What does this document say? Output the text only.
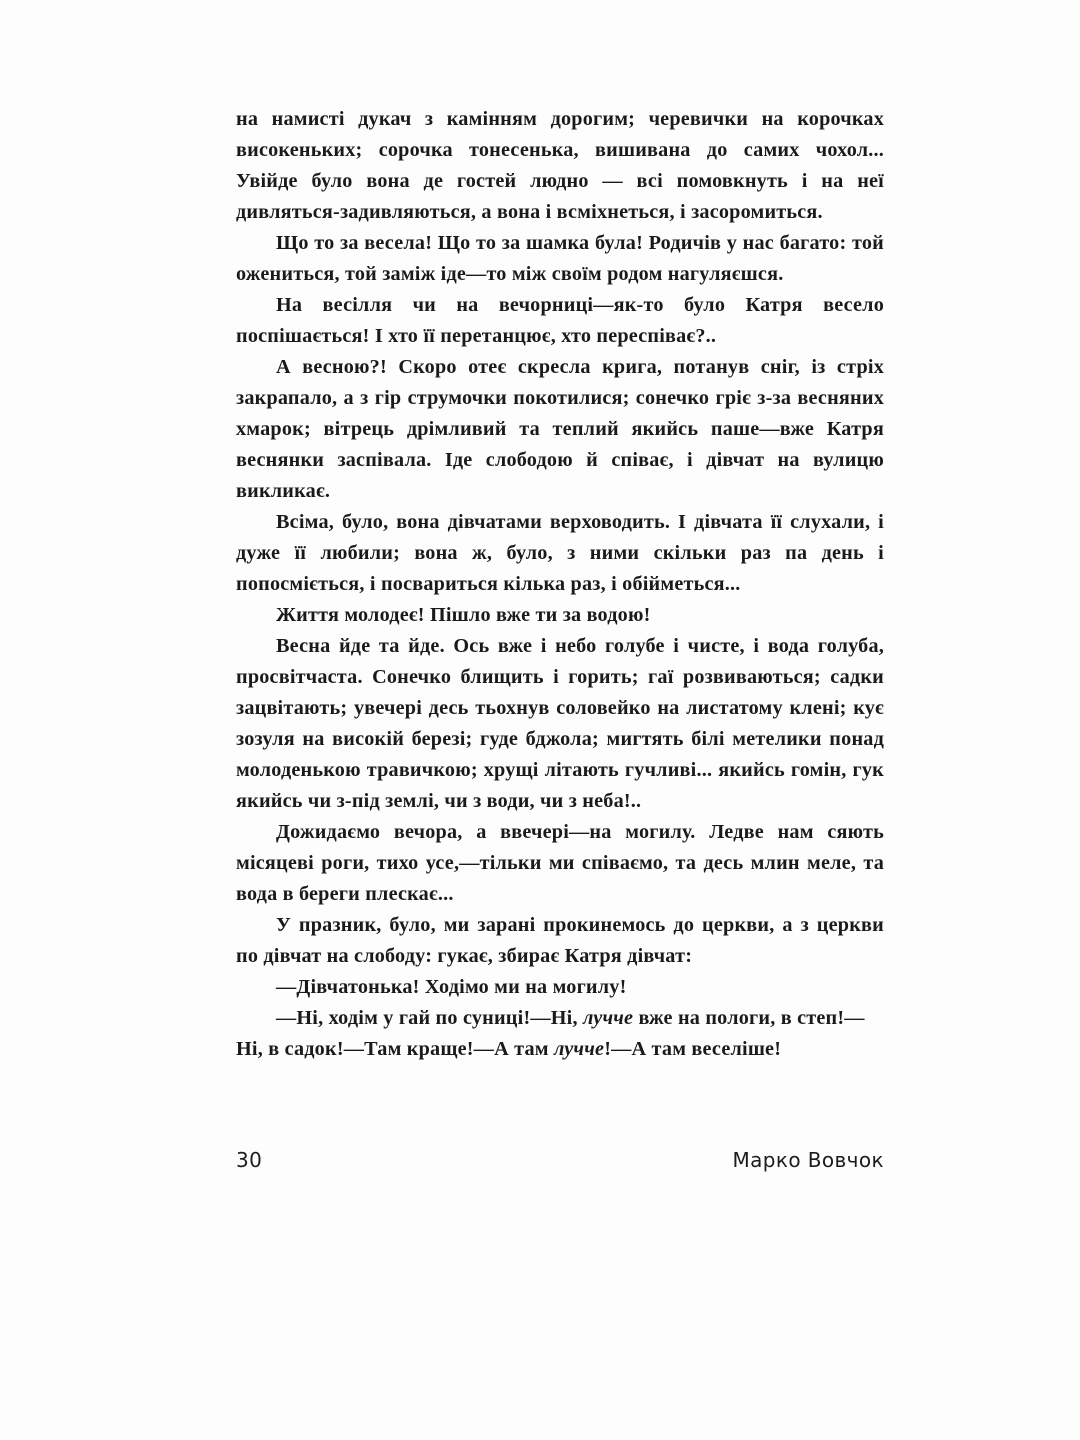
на намисті дукач з камінням дорогим; черевички на корочках високеньких; сорочка тонесенька, вишивана до самих чохол... Увійде було вона де гостей людно — всі помовкнуть і на неї дивляться-задивляються, а вона і всміхнеться, і засоромиться.

Що то за весела! Що то за шамка була! Родичів у нас багато: той ожениться, той заміж іде—то між своїм родом нагуляєшся.

На весілля чи на вечорниці—як-то було Катря весело поспішається! І хто її перетанцює, хто переспіває?..

А весною?! Скоро отеє скресла крига, потанув сніг, із стріх закрапало, а з гір струмочки покотилися; сонечко гріє з-за весняних хмарок; вітрець дрімливий та теплий якийсь паше—вже Катря веснянки заспівала. Іде слободою й співає, і дівчат на вулицю викликає.

Всіма, було, вона дівчатами верховодить. І дівчата її слухали, і дуже її любили; вона ж, було, з ними скільки раз па день і попосміється, і посвариться кілька раз, і обійметься...

Життя молодеє! Пішло вже ти за водою!

Весна йде та йде. Ось вже і небо голубе і чисте, і вода голуба, просвітчаста. Сонечко блищить і горить; гаї розвиваються; садки зацвітають; увечері десь тьохнув соловейко на листатому клені; кує зозуля на високій березі; гуде бджола; мигтять білі метелики понад молоденькою травичкою; хрущі літають гучливі... якийсь гомін, гук якийсь чи з-під землі, чи з води, чи з неба!..

Дожидаємо вечора, а ввечері—на могилу. Ледве нам сяють місяцеві роги, тихо усе,—тільки ми співаємо, та десь млин меле, та вода в береги плескає...

У празник, було, ми зарані прокинемось до церкви, а з церкви по дівчат на слободу: гукає, збирає Катря дівчат:

—Дівчатонька! Ходімо ми на могилу!

—Ні, ходім у гай по суниці!—Ні, лучче вже на пологи, в степ!—Ні, в садок!—Там краще!—А там лучче!—А там веселіше!

30	Марко Вовчок
